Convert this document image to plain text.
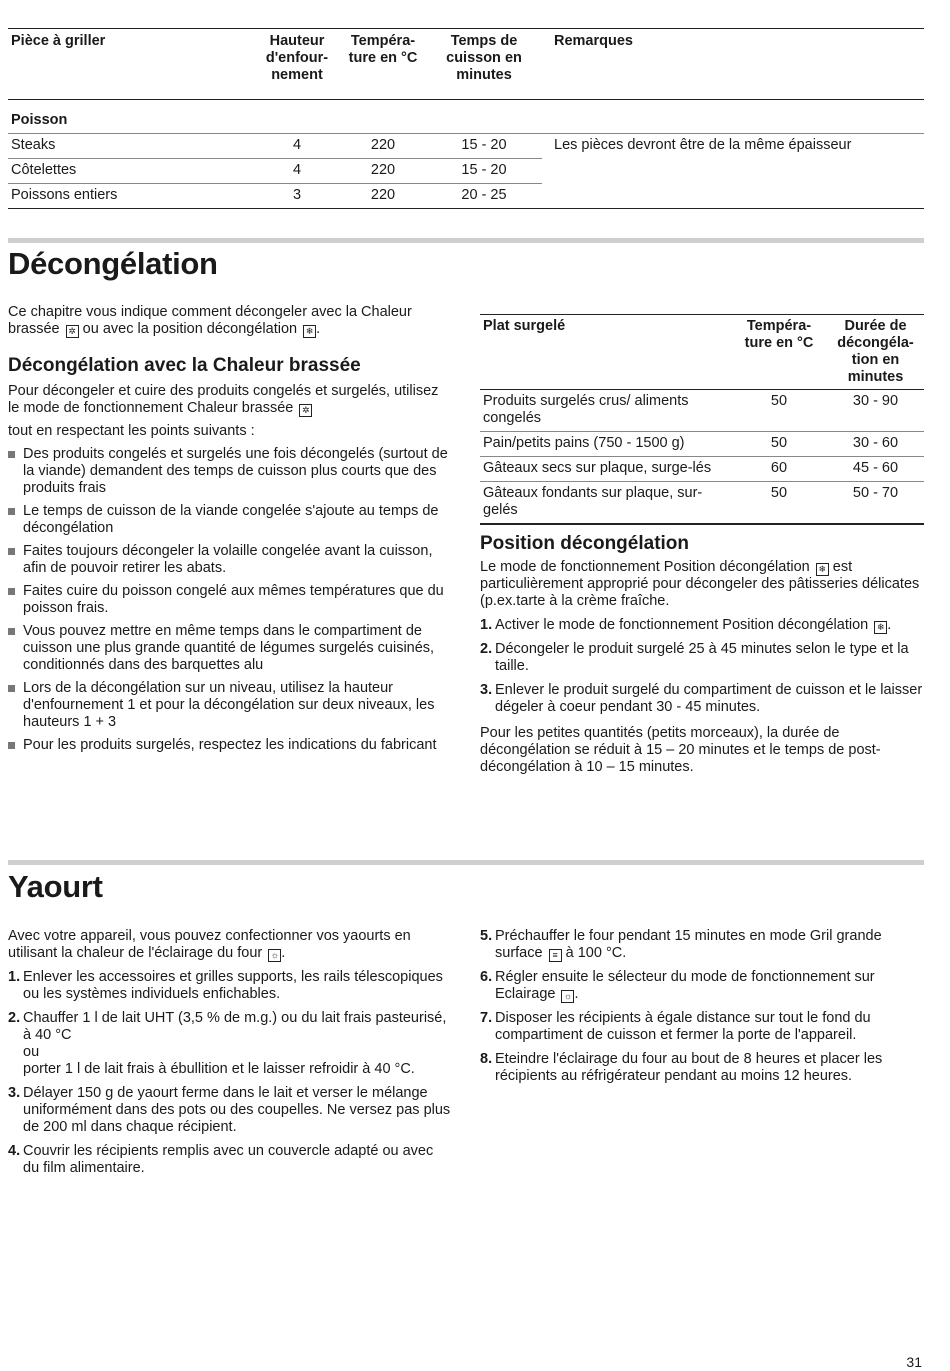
Pièce à griller	Hauteur d'enfour-nement	Tempéra-ture en °C	Temps de cuisson en minutes	Remarques
Poisson				
Steaks	4	220	15 - 20	Les pièces devront être de la même épaisseur
Côtelettes	4	220	15 - 20	
Poissons entiers	3	220	20 - 25	
Décongélation

Ce chapitre vous indique comment décongeler avec la Chaleur brassée ✲ ou avec la position décongélation ❄ .

Décongélation avec la Chaleur brassée

Pour décongeler et cuire des produits congelés et surgelés, utilisez le mode de fonctionnement Chaleur brassée ✲

tout en respectant les points suivants :

Des produits congelés et surgelés une fois décongelés (surtout de la viande) demandent des temps de cuisson plus courts que des produits frais
Le temps de cuisson de la viande congelée s'ajoute au temps de décongélation
Faites toujours décongeler la volaille congelée avant la cuisson, afin de pouvoir retirer les abats.
Faites cuire du poisson congelé aux mêmes températures que du poisson frais.
Vous pouvez mettre en même temps dans le compartiment de cuisson une plus grande quantité de légumes surgelés cuisinés, conditionnés dans des barquettes alu
Lors de la décongélation sur un niveau, utilisez la hauteur d'enfournement 1 et pour la décongélation sur deux niveaux, les hauteurs 1 + 3
Pour les produits surgelés, respectez les indications du fabricant
Plat surgelé	Tempéra-ture en °C	Durée de décongéla-tion en minutes
Produits surgelés crus/ aliments congelés	50	30 - 90
Pain/petits pains (750 - 1500 g)	50	30 - 60
Gâteaux secs sur plaque, surge-lés	60	45 - 60
Gâteaux fondants sur plaque, sur-gelés	50	50 - 70
Position décongélation

Le mode de fonctionnement Position décongélation ❄ est particulièrement approprié pour décongeler des pâtisseries délicates (p.ex.tarte à la crème fraîche.

1. Activer le mode de fonctionnement Position décongélation ❄ .
2. Décongeler le produit surgelé 25 à 45 minutes selon le type et la taille.
3. Enlever le produit surgelé du compartiment de cuisson et le laisser dégeler à coeur pendant 30 - 45 minutes.

Pour les petites quantités (petits morceaux), la durée de décongélation se réduit à 15 – 20 minutes et le temps de post-décongélation à 10 – 15 minutes.

Yaourt

Avec votre appareil, vous pouvez confectionner vos yaourts en utilisant la chaleur de l'éclairage du four ☼ .

1. Enlever les accessoires et grilles supports, les rails télescopiques ou les systèmes individuels enfichables.
2. Chauffer 1 l de lait UHT (3,5 % de m.g.) ou du lait frais pasteurisé, à 40 °C
ou
porter 1 l de lait frais à ébullition et le laisser refroidir à 40 °C.
3. Délayer 150 g de yaourt ferme dans le lait et verser le mélange uniformément dans des pots ou des coupelles. Ne versez pas plus de 200 ml dans chaque récipient.
4. Couvrir les récipients remplis avec un couvercle adapté ou avec du film alimentaire.
5. Préchauffer le four pendant 15 minutes en mode Gril grande surface ≡ à 100 °C.
6. Régler ensuite le sélecteur du mode de fonctionnement sur Eclairage ☼ .
7. Disposer les récipients à égale distance sur tout le fond du compartiment de cuisson et fermer la porte de l'appareil.
8. Eteindre l'éclairage du four au bout de 8 heures et placer les récipients au réfrigérateur pendant au moins 12 heures.
31
